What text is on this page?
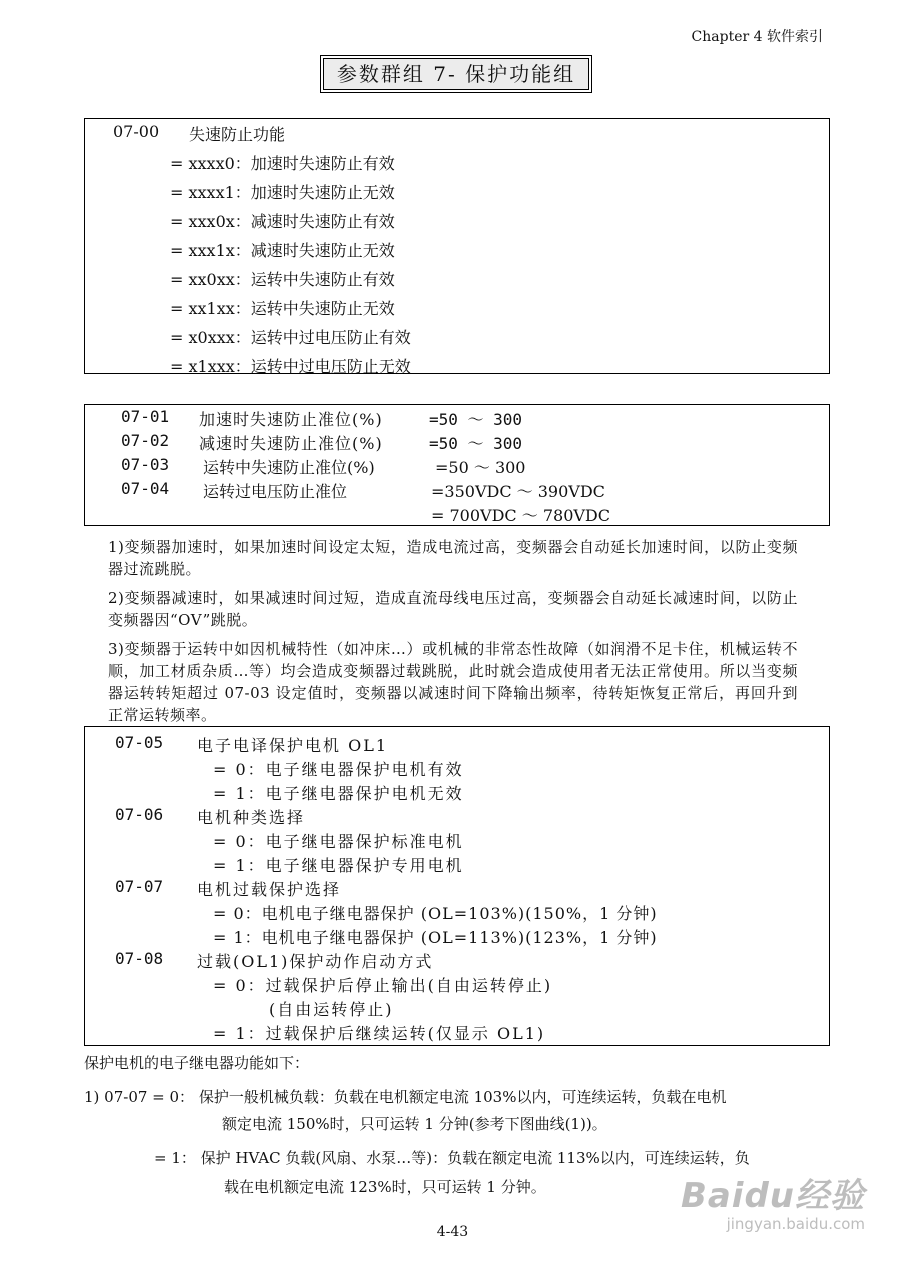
Chapter 4 软件索引
参数群组 7- 保护功能组
07-00 失速防止功能
= xxxx0：加速时失速防止有效
= xxxx1：加速时失速防止无效
= xxx0x：减速时失速防止有效
= xxx1x：减速时失速防止无效
= xx0xx：运转中失速防止有效
= xx1xx：运转中失速防止无效
= x0xxx：运转中过电压防止有效
= x1xxx：运转中过电压防止无效
07-01 加速时失速防止准位(%)	=50 ～ 300
07-02 减速时失速防止准位(%)	=50 ～ 300
07-03 运转中失速防止准位(%)	=50 ～ 300
07-04 运转过电压防止准位	=350VDC ～ 390VDC
= 700VDC ～ 780VDC
1)变频器加速时，如果加速时间设定太短，造成电流过高，变频器会自动延长加速时间，以防止变频器过流跳脱。
2)变频器减速时，如果减速时间过短，造成直流母线电压过高，变频器会自动延长减速时间，以防止变频器因“OV”跳脱。
3)变频器于运转中如因机械特性（如冲床…）或机械的非常态性故障（如润滑不足卡住，机械运转不顺，加工材质杂质…等）均会造成变频器过载跳脱，此时就会造成使用者无法正常使用。所以当变频器运转转矩超过 07-03 设定值时，变频器以减速时间下降输出频率，待转矩恢复正常后，再回升到正常运转频率。
07-05 电子电译保护电机 OL1
= 0：电子继电器保护电机有效
= 1：电子继电器保护电机无效
07-06 电机种类选择
= 0：电子继电器保护标准电机
= 1：电子继电器保护专用电机
07-07 电机过载保护选择
= 0：电机电子继电器保护 (OL=103%)(150%，1 分钟)
= 1：电机电子继电器保护 (OL=113%)(123%，1 分钟)
07-08 过载(OL1)保护动作启动方式
= 0：过载保护后停止输出(自由运转停止)
(自由运转停止)
= 1：过载保护后继续运转(仅显示 OL1)
保护电机的电子继电器功能如下：
1) 07-07 = 0： 保护一般机械负载：负载在电机额定电流 103%以内，可连续运转，负载在电机
额定电流 150%时，只可运转 1 分钟(参考下图曲线(1))。
= 1： 保护 HVAC 负载(风扇、水泵…等)：负载在额定电流 113%以内，可连续运转，负
载在电机额定电流 123%时，只可运转 1 分钟。
4-43
Baidu经验
jingyan.baidu.com
